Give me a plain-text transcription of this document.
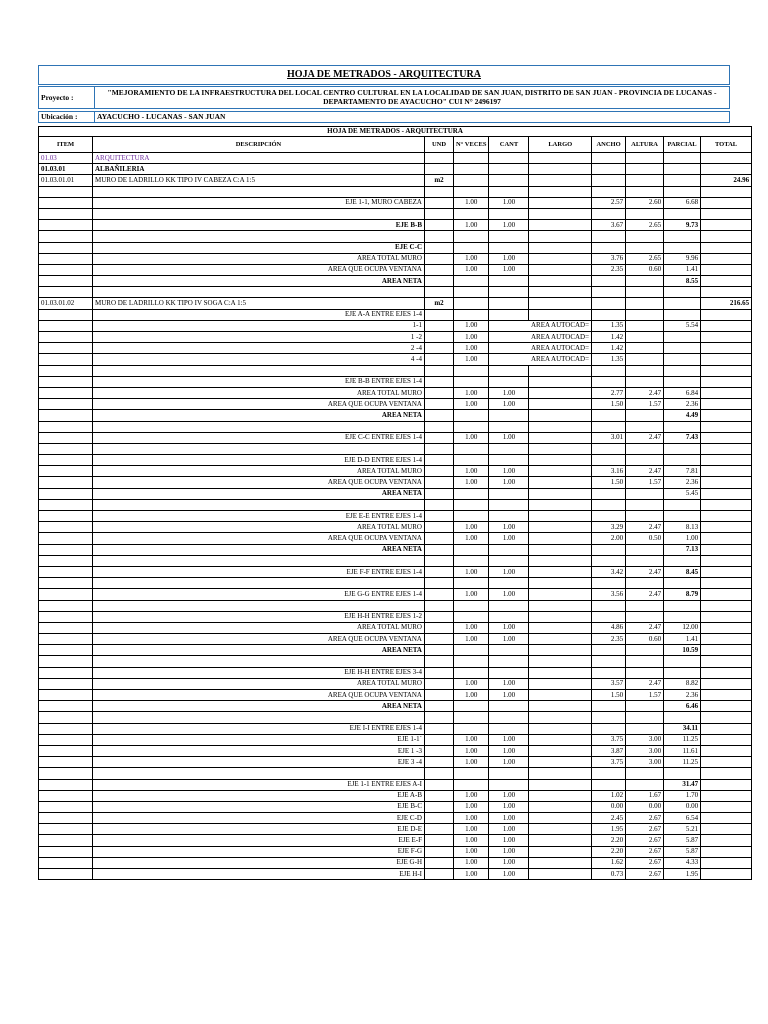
HOJA DE METRADOS - ARQUITECTURA
Proyecto :
"MEJORAMIENTO DE LA INFRAESTRUCTURA DEL LOCAL CENTRO CULTURAL EN LA LOCALIDAD DE SAN JUAN, DISTRITO DE SAN JUAN - PROVINCIA DE LUCANAS - DEPARTAMENTO DE AYACUCHO" CUI N° 2496197
Ubicación :	AYACUCHO - LUCANAS - SAN JUAN
HOJA DE METRADOS - ARQUITECTURA									
ITEM	DESCRIPCIÓN	UND	N° VECES	CANT	LARGO	ANCHO	ALTURA	PARCIAL	TOTAL
01.03	ARQUITECTURA								
01.03.01	ALBAÑILERIA								
01.03.01.01	MURO DE LADRILLO KK TIPO IV CABEZA C:A 1:5	m2							24.96

	EJE 1-1, MURO CABEZA		1.00	1.00		2.57	2.60	6.68	

	EJE B-B		1.00	1.00		3.67	2.65	9.73	

	EJE C-C								
	AREA TOTAL MURO		1.00	1.00		3.76	2.65	9.96	
	AREA QUE OCUPA VENTANA		1.00	1.00		2.35	0.60	1.41	
	AREA NETA							8.55	

01.03.01.02	MURO DE LADRILLO KK TIPO IV SOGA C:A 1:5	m2							216.65
	EJE A-A ENTRE EJES 1-4								
	1-1		1.00		AREA AUTOCAD=	1.35		5.54	
	1 -2		1.00		AREA AUTOCAD=	1.42			
	2 -4		1.00		AREA AUTOCAD=	1.42			
	4 -4		1.00		AREA AUTOCAD=	1.35			

	EJE B-B ENTRE EJES 1-4								
	AREA TOTAL MURO		1.00	1.00		2.77	2.47	6.84	
	AREA QUE OCUPA VENTANA		1.00	1.00		1.50	1.57	2.36	
	AREA NETA							4.49	

	EJE C-C ENTRE EJES 1-4		1.00	1.00		3.01	2.47	7.43	

	EJE D-D ENTRE EJES 1-4								
	AREA TOTAL MURO		1.00	1.00		3.16	2.47	7.81	
	AREA QUE OCUPA VENTANA		1.00	1.00		1.50	1.57	2.36	
	AREA NETA							5.45	

	EJE E-E ENTRE EJES 1-4								
	AREA TOTAL MURO		1.00	1.00		3.29	2.47	8.13	
	AREA QUE OCUPA VENTANA		1.00	1.00		2.00	0.50	1.00	
	AREA NETA							7.13	

	EJE F-F ENTRE EJES 1-4		1.00	1.00		3.42	2.47	8.45	

	EJE G-G ENTRE EJES 1-4		1.00	1.00		3.56	2.47	8.79	

	EJE H-H ENTRE EJES 1-2								
	AREA TOTAL MURO		1.00	1.00		4.86	2.47	12.00	
	AREA QUE OCUPA VENTANA		1.00	1.00		2.35	0.60	1.41	
	AREA NETA							10.59	

	EJE H-H ENTRE EJES 3-4								
	AREA TOTAL MURO		1.00	1.00		3.57	2.47	8.82	
	AREA QUE OCUPA VENTANA		1.00	1.00		1.50	1.57	2.36	
	AREA NETA							6.46	

	EJE I-I ENTRE EJES 1-4							34.11	
	EJE 1-1`		1.00	1.00		3.75	3.00	11.25	
	EJE 1 -3		1.00	1.00		3.87	3.00	11.61	
	EJE 3 -4		1.00	1.00		3.75	3.00	11.25	

	EJE 1-1 ENTRE EJES A-I							31.47	
	EJE A-B		1.00	1.00		1.02	1.67	1.70	
	EJE B-C		1.00	1.00		0.00	0.00	0.00	
	EJE C-D		1.00	1.00		2.45	2.67	6.54	
	EJE D-E		1.00	1.00		1.95	2.67	5.21	
	EJE E-F		1.00	1.00		2.20	2.67	5.87	
	EJE F-G		1.00	1.00		2.20	2.67	5.87	
	EJE G-H		1.00	1.00		1.62	2.67	4.33	
	EJE H-I		1.00	1.00		0.73	2.67	1.95	
